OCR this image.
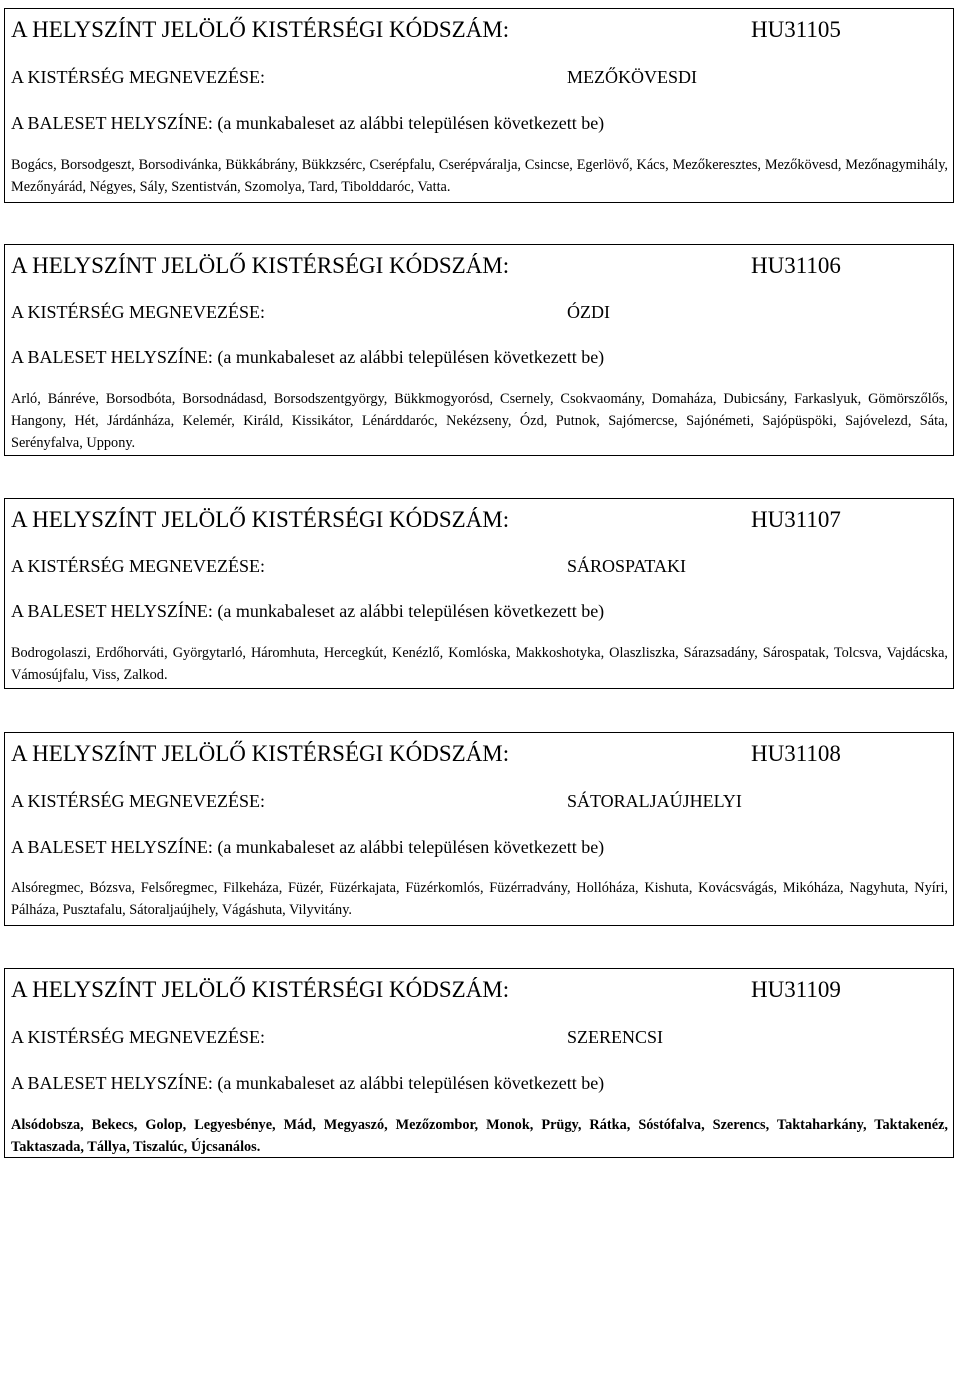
A HELYSZÍNT JELÖLŐ KISTÉRSÉGI KÓDSZÁM:	HU31105
A KISTÉRSÉG MEGNEVEZÉSE:	MEZŐKÖVESDI
A BALESET HELYSZÍNE: (a munkabaleset az alábbi településen következett be)
Bogács, Borsodgeszt, Borsodivánka, Bükkábrány, Bükkzsérc, Cserépfalu, Cserépváralja, Csincse, Egerlövő, Kács, Mezőkeresztes, Mezőkövesd, Mezőnagymihály, Mezőnyárád, Négyes, Sály, Szentistván, Szomolya, Tard, Tibolddaróc, Vatta.
A HELYSZÍNT JELÖLŐ KISTÉRSÉGI KÓDSZÁM:	HU31106
A KISTÉRSÉG MEGNEVEZÉSE:	ÓZDI
A BALESET HELYSZÍNE: (a munkabaleset az alábbi településen következett be)
Arló, Bánréve, Borsodbóta, Borsodnádasd, Borsodszentgyörgy, Bükkmogyorósd, Csernely, Csokvaomány, Domaháza, Dubicsány, Farkaslyuk, Gömörszőlős, Hangony, Hét, Járdánháza, Kelemér, Királd, Kissikátor, Lénárddaróc, Nekézseny, Ózd, Putnok, Sajómercse, Sajónémeti, Sajópüspöki, Sajóvelezd, Sáta, Serényfalva, Uppony.
A HELYSZÍNT JELÖLŐ KISTÉRSÉGI KÓDSZÁM:	HU31107
A KISTÉRSÉG MEGNEVEZÉSE:	SÁROSPATAKI
A BALESET HELYSZÍNE: (a munkabaleset az alábbi településen következett be)
Bodrogolaszi, Erdőhorváti, Györgytarló, Háromhuta, Hercegkút, Kenézlő, Komlóska, Makkoshotyka, Olaszliszka, Sárazsadány, Sárospatak, Tolcsva, Vajdácska, Vámosújfalu, Viss, Zalkod.
A HELYSZÍNT JELÖLŐ KISTÉRSÉGI KÓDSZÁM:	HU31108
A KISTÉRSÉG MEGNEVEZÉSE:	SÁTORALJAÚJHELYI
A BALESET HELYSZÍNE: (a munkabaleset az alábbi településen következett be)
Alsóregmec, Bózsva, Felsőregmec, Filkeháza, Füzér, Füzérkajata, Füzérkomlós, Füzérradvány, Hollóháza, Kishuta, Kovácsvágás, Mikóháza, Nagyhuta, Nyíri, Pálháza, Pusztafalu, Sátoraljaújhely, Vágáshuta, Vilyvitány.
A HELYSZÍNT JELÖLŐ KISTÉRSÉGI KÓDSZÁM:	HU31109
A KISTÉRSÉG MEGNEVEZÉSE:	SZERENCSI
A BALESET HELYSZÍNE: (a munkabaleset az alábbi településen következett be)
Alsódobsza, Bekecs, Golop, Legyesbénye, Mád, Megyaszó, Mezőzombor, Monok, Prügy, Rátka, Sóstófalva, Szerencs, Taktaharkány, Taktakenéz, Taktaszada, Tállya, Tiszalúc, Újcsanálos.
